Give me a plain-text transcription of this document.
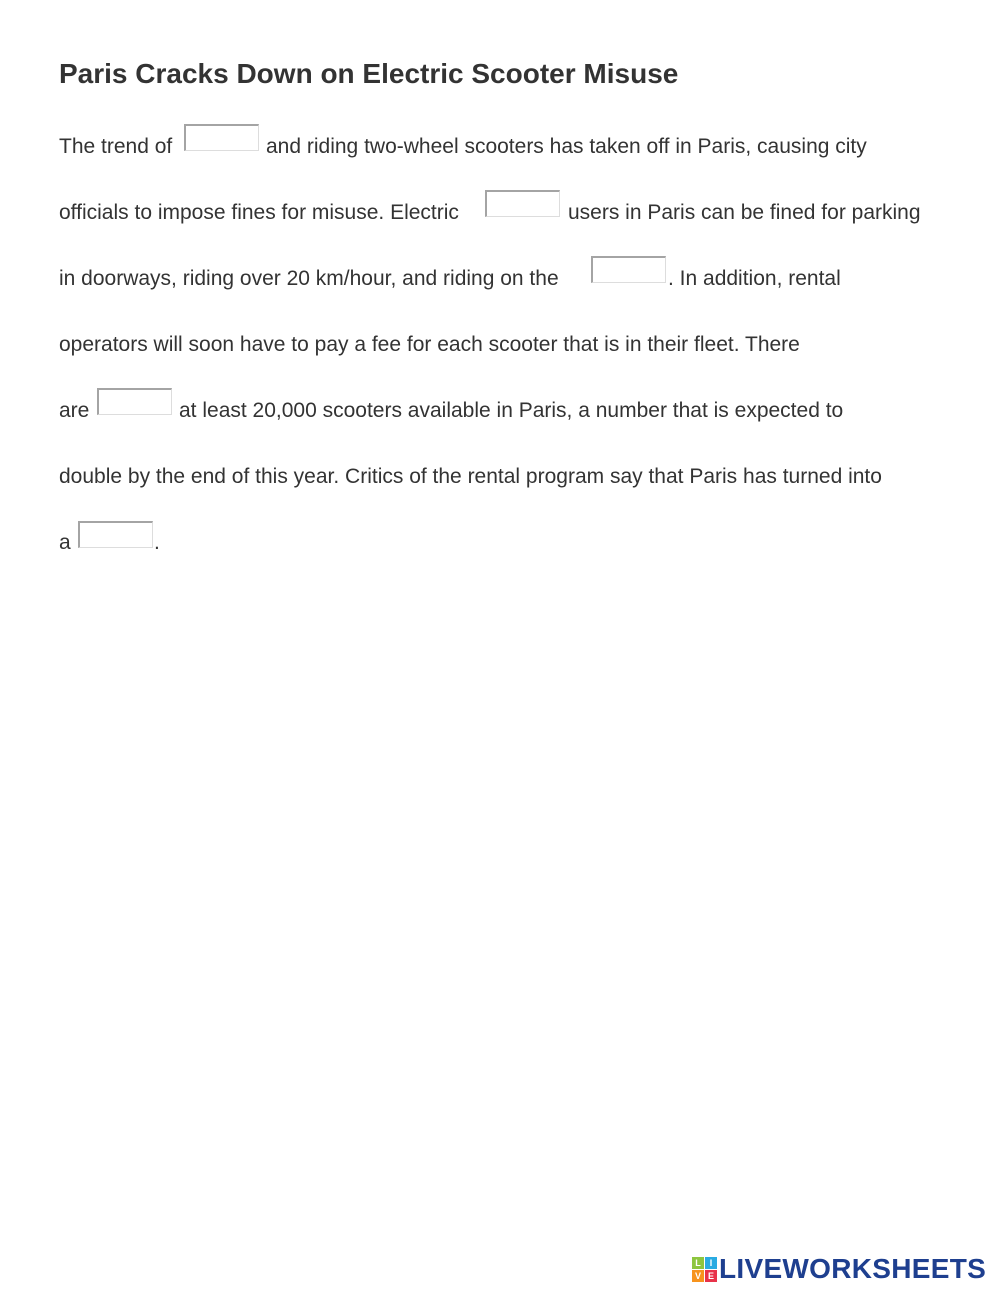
Paris Cracks Down on Electric Scooter Misuse
The trend of	and riding two-wheel scooters has taken off in Paris, causing city
officials to impose fines for misuse. Electric	users in Paris can be fined for parking
in doorways, riding over 20 km/hour, and riding on the	. In addition, rental
operators will soon have to pay a fee for each scooter that is in their fleet. There
are	at least 20,000 scooters available in Paris, a number that is expected to
double by the end of this year. Critics of the rental program say that Paris has turned into
a	.
L I
V E LIVEWORKSHEETS
